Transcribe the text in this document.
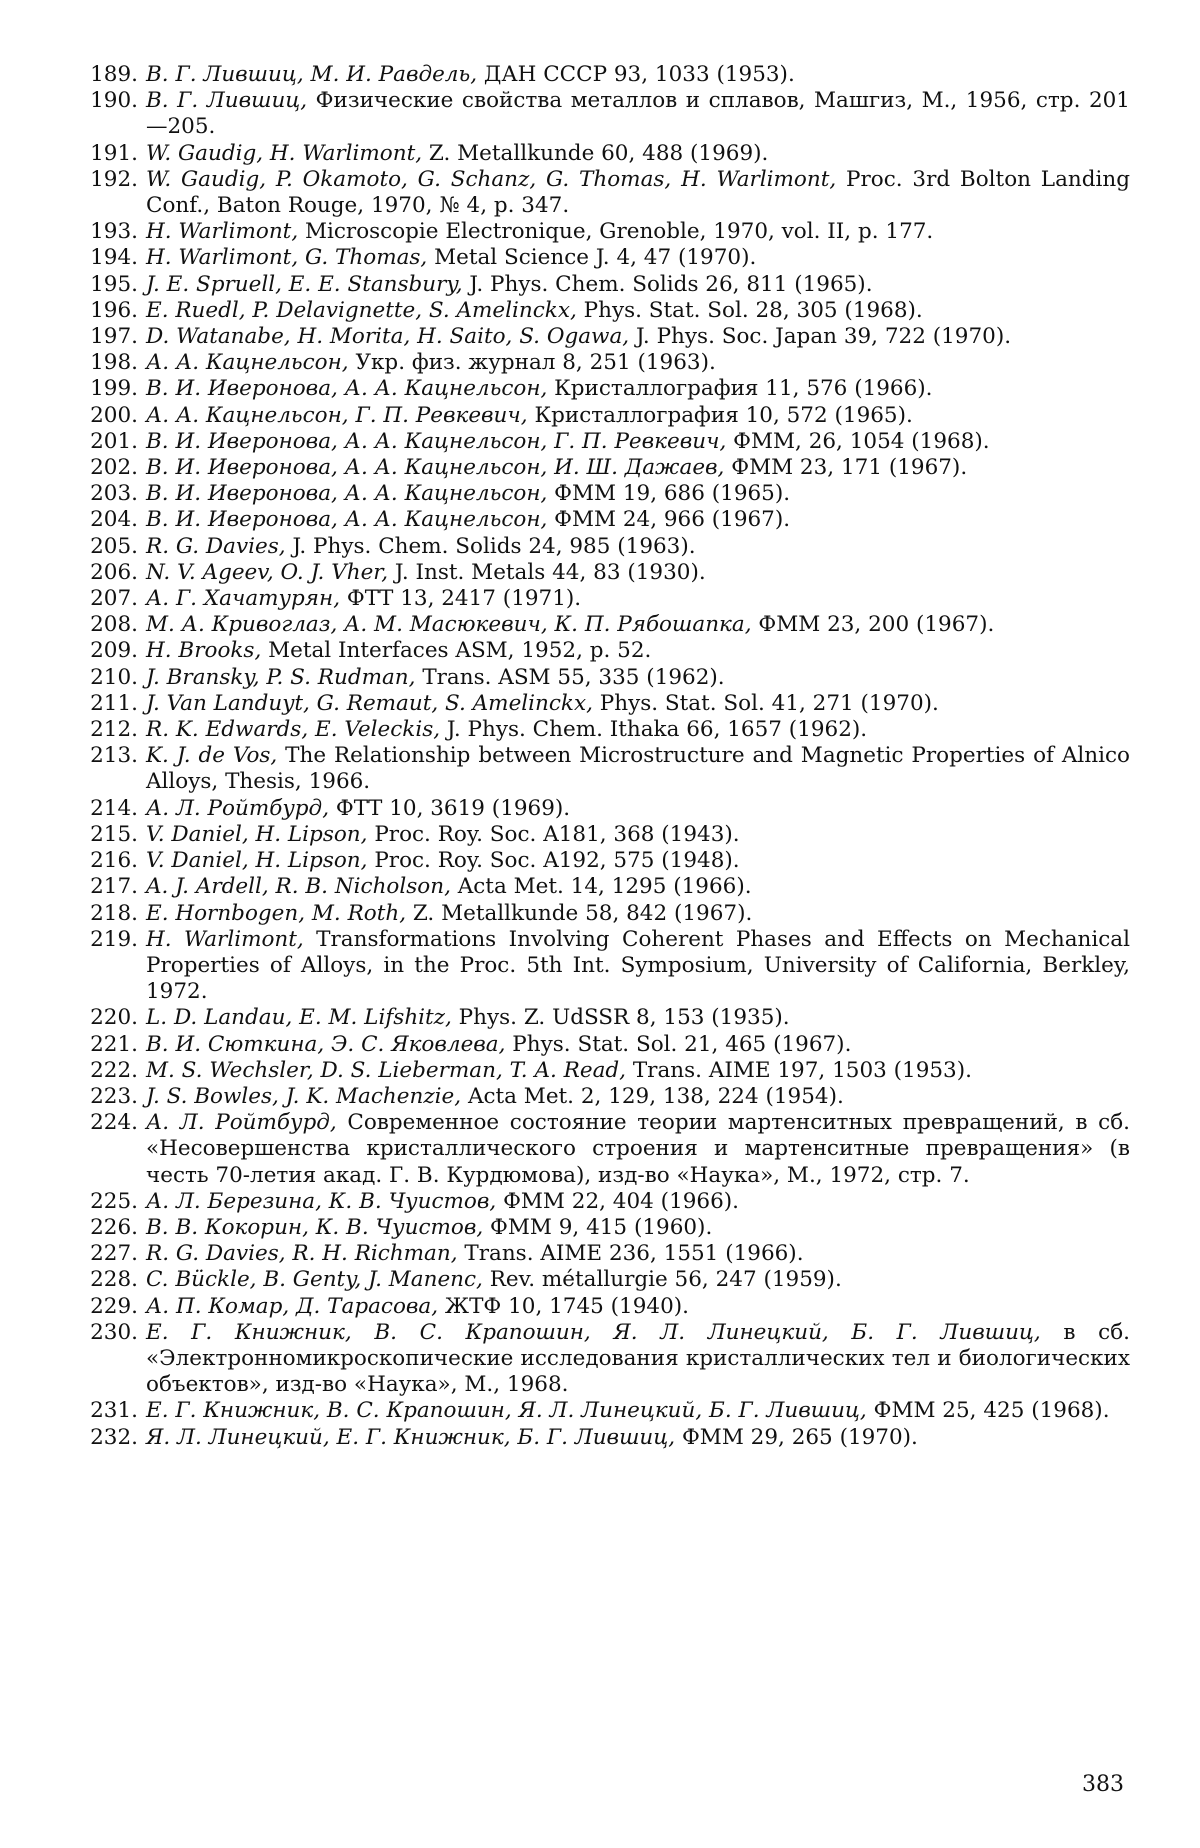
189. В. Г. Лившиц, М. И. Равдель, ДАН СССР 93, 1033 (1953).
190. В. Г. Лившиц, Физические свойства металлов и сплавов, Машгиз, М., 1956, стр. 201—205.
191. W. Gaudig, H. Warlimont, Z. Metallkunde 60, 488 (1969).
192. W. Gaudig, P. Okamoto, G. Schanz, G. Thomas, H. Warlimont, Proc. 3rd Bolton Landing Conf., Baton Rouge, 1970, № 4, p. 347.
193. H. Warlimont, Microscopie Electronique, Grenoble, 1970, vol. II, p. 177.
194. H. Warlimont, G. Thomas, Metal Science J. 4, 47 (1970).
195. J. E. Spruell, E. E. Stansbury, J. Phys. Chem. Solids 26, 811 (1965).
196. E. Ruedl, P. Delavignette, S. Amelinckx, Phys. Stat. Sol. 28, 305 (1968).
197. D. Watanabe, H. Morita, H. Saito, S. Ogawa, J. Phys. Soc. Japan 39, 722 (1970).
198. А. А. Кацнельсон, Укр. физ. журнал 8, 251 (1963).
199. В. И. Иверонова, А. А. Кацнельсон, Кристаллография 11, 576 (1966).
200. А. А. Кацнельсон, Г. П. Ревкевич, Кристаллография 10, 572 (1965).
201. В. И. Иверонова, А. А. Кацнельсон, Г. П. Ревкевич, ФММ, 26, 1054 (1968).
202. В. И. Иверонова, А. А. Кацнельсон, И. Ш. Дажаев, ФММ 23, 171 (1967).
203. В. И. Иверонова, А. А. Кацнельсон, ФММ 19, 686 (1965).
204. В. И. Иверонова, А. А. Кацнельсон, ФММ 24, 966 (1967).
205. R. G. Davies, J. Phys. Chem. Solids 24, 985 (1963).
206. N. V. Ageev, O. J. Vher, J. Inst. Metals 44, 83 (1930).
207. А. Г. Хачатурян, ФТТ 13, 2417 (1971).
208. М. А. Кривоглаз, А. М. Масюкевич, К. П. Рябошапка, ФММ 23, 200 (1967).
209. H. Brooks, Metal Interfaces ASM, 1952, p. 52.
210. J. Bransky, P. S. Rudman, Trans. ASM 55, 335 (1962).
211. J. Van Landuyt, G. Remaut, S. Amelinckx, Phys. Stat. Sol. 41, 271 (1970).
212. R. K. Edwards, E. Veleckis, J. Phys. Chem. Ithaka 66, 1657 (1962).
213. K. J. de Vos, The Relationship between Microstructure and Magnetic Properties of Alnico Alloys, Thesis, 1966.
214. А. Л. Ройтбурд, ФТТ 10, 3619 (1969).
215. V. Daniel, H. Lipson, Proc. Roy. Soc. A181, 368 (1943).
216. V. Daniel, H. Lipson, Proc. Roy. Soc. A192, 575 (1948).
217. A. J. Ardell, R. B. Nicholson, Acta Met. 14, 1295 (1966).
218. E. Hornbogen, M. Roth, Z. Metallkunde 58, 842 (1967).
219. H. Warlimont, Transformations Involving Coherent Phases and Effects on Mechanical Properties of Alloys, in the Proc. 5th Int. Symposium, University of California, Berkley, 1972.
220. L. D. Landau, E. M. Lifshitz, Phys. Z. UdSSR 8, 153 (1935).
221. В. И. Сюткина, Э. С. Яковлева, Phys. Stat. Sol. 21, 465 (1967).
222. M. S. Wechsler, D. S. Lieberman, T. A. Read, Trans. AIME 197, 1503 (1953).
223. J. S. Bowles, J. K. Machenzie, Acta Met. 2, 129, 138, 224 (1954).
224. А. Л. Ройтбурд, Современное состояние теории мартенситных превращений, в сб. «Несовершенства кристаллического строения и мартенситные превращения» (в честь 70-летия акад. Г. В. Курдюмова), изд-во «Наука», М., 1972, стр. 7.
225. А. Л. Березина, К. В. Чуистов, ФММ 22, 404 (1966).
226. В. В. Кокорин, К. В. Чуистов, ФММ 9, 415 (1960).
227. R. G. Davies, R. H. Richman, Trans. AIME 236, 1551 (1966).
228. C. Bückle, B. Genty, J. Manenc, Rev. métallurgie 56, 247 (1959).
229. А. П. Комар, Д. Тарасова, ЖТФ 10, 1745 (1940).
230. Е. Г. Книжник, В. С. Крапошин, Я. Л. Линецкий, Б. Г. Лившиц, в сб. «Электронномикроскопические исследования кристаллических тел и биологических объектов», изд-во «Наука», М., 1968.
231. Е. Г. Книжник, В. С. Крапошин, Я. Л. Линецкий, Б. Г. Лившиц, ФММ 25, 425 (1968).
232. Я. Л. Линецкий, Е. Г. Книжник, Б. Г. Лившиц, ФММ 29, 265 (1970).
383
